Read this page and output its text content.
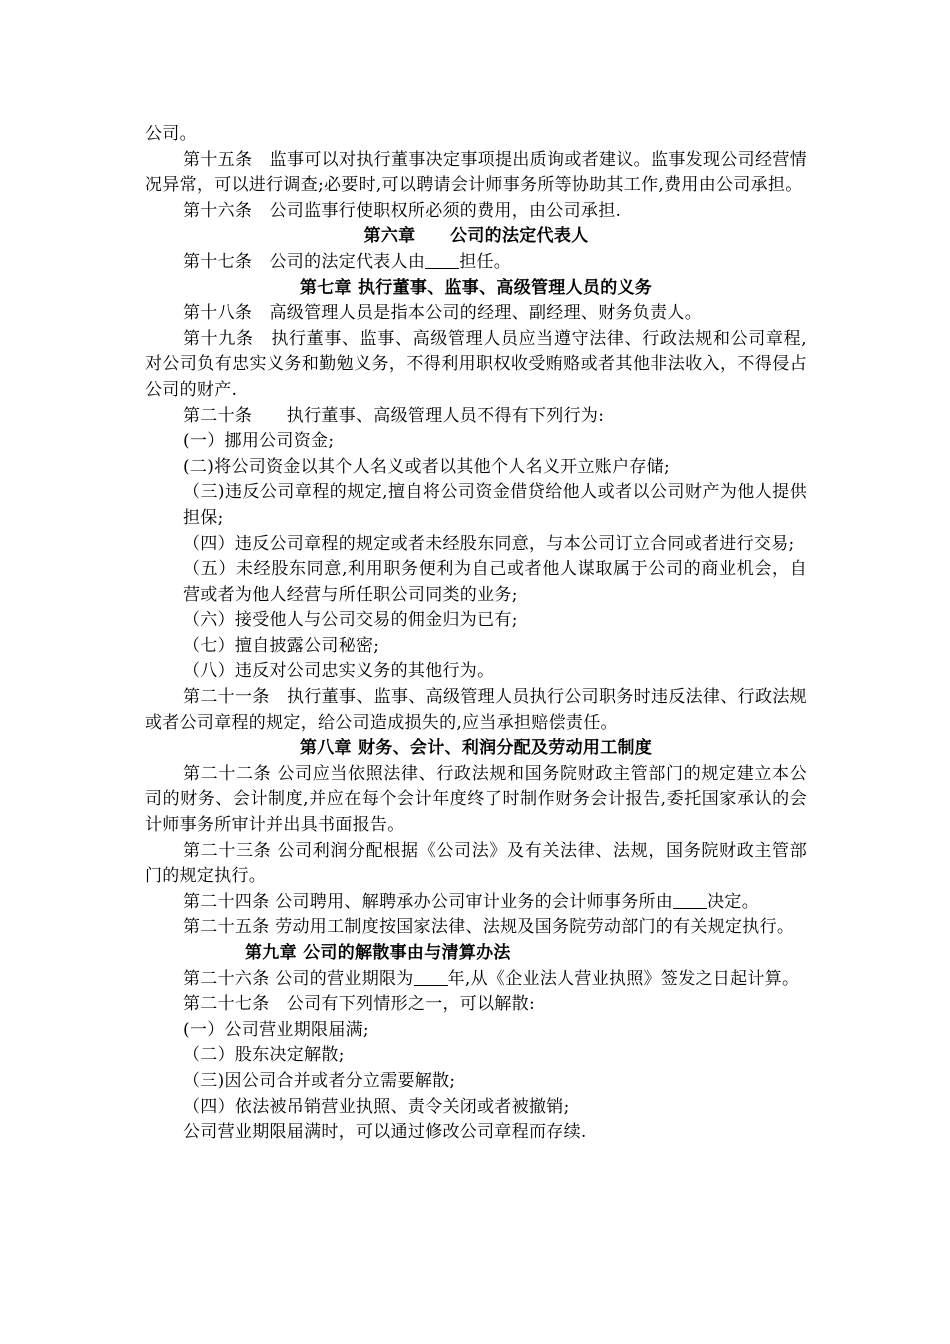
公司。

第十五条　监事可以对执行董事决定事项提出质询或者建议。监事发现公司经营情况异常，可以进行调查;必要时,可以聘请会计师事务所等协助其工作,费用由公司承担。

第十六条　公司监事行使职权所必须的费用，由公司承担.

第六章　　公司的法定代表人

第十七条　公司的法定代表人由 担任。

第七章 执行董事、监事、高级管理人员的义务

第十八条　高级管理人员是指本公司的经理、副经理、财务负责人。

第十九条　执行董事、监事、高级管理人员应当遵守法律、行政法规和公司章程,对公司负有忠实义务和勤勉义务，不得利用职权收受贿赂或者其他非法收入，不得侵占公司的财产.

第二十条　　执行董事、高级管理人员不得有下列行为:

(一）挪用公司资金;

(二)将公司资金以其个人名义或者以其他个人名义开立账户存储;

（三)违反公司章程的规定,擅自将公司资金借贷给他人或者以公司财产为他人提供担保;

（四）违反公司章程的规定或者未经股东同意，与本公司订立合同或者进行交易;

（五）未经股东同意,利用职务便利为自己或者他人谋取属于公司的商业机会，自营或者为他人经营与所任职公司同类的业务;

（六）接受他人与公司交易的佣金归为已有;

（七）擅自披露公司秘密;

（八）违反对公司忠实义务的其他行为。

第二十一条　执行董事、监事、高级管理人员执行公司职务时违反法律、行政法规或者公司章程的规定，给公司造成损失的,应当承担赔偿责任。

第八章 财务、会计、利润分配及劳动用工制度

第二十二条 公司应当依照法律、行政法规和国务院财政主管部门的规定建立本公司的财务、会计制度,并应在每个会计年度终了时制作财务会计报告,委托国家承认的会计师事务所审计并出具书面报告。

第二十三条 公司利润分配根据《公司法》及有关法律、法规，国务院财政主管部门的规定执行。

第二十四条 公司聘用、解聘承办公司审计业务的会计师事务所由 决定。

第二十五条 劳动用工制度按国家法律、法规及国务院劳动部门的有关规定执行。

第九章 公司的解散事由与清算办法

第二十六条 公司的营业期限为 年,从《企业法人营业执照》签发之日起计算。

第二十七条　公司有下列情形之一，可以解散:

(一）公司营业期限届满;

（二）股东决定解散;

（三)因公司合并或者分立需要解散;

（四）依法被吊销营业执照、责令关闭或者被撤销;

公司营业期限届满时，可以通过修改公司章程而存续.
